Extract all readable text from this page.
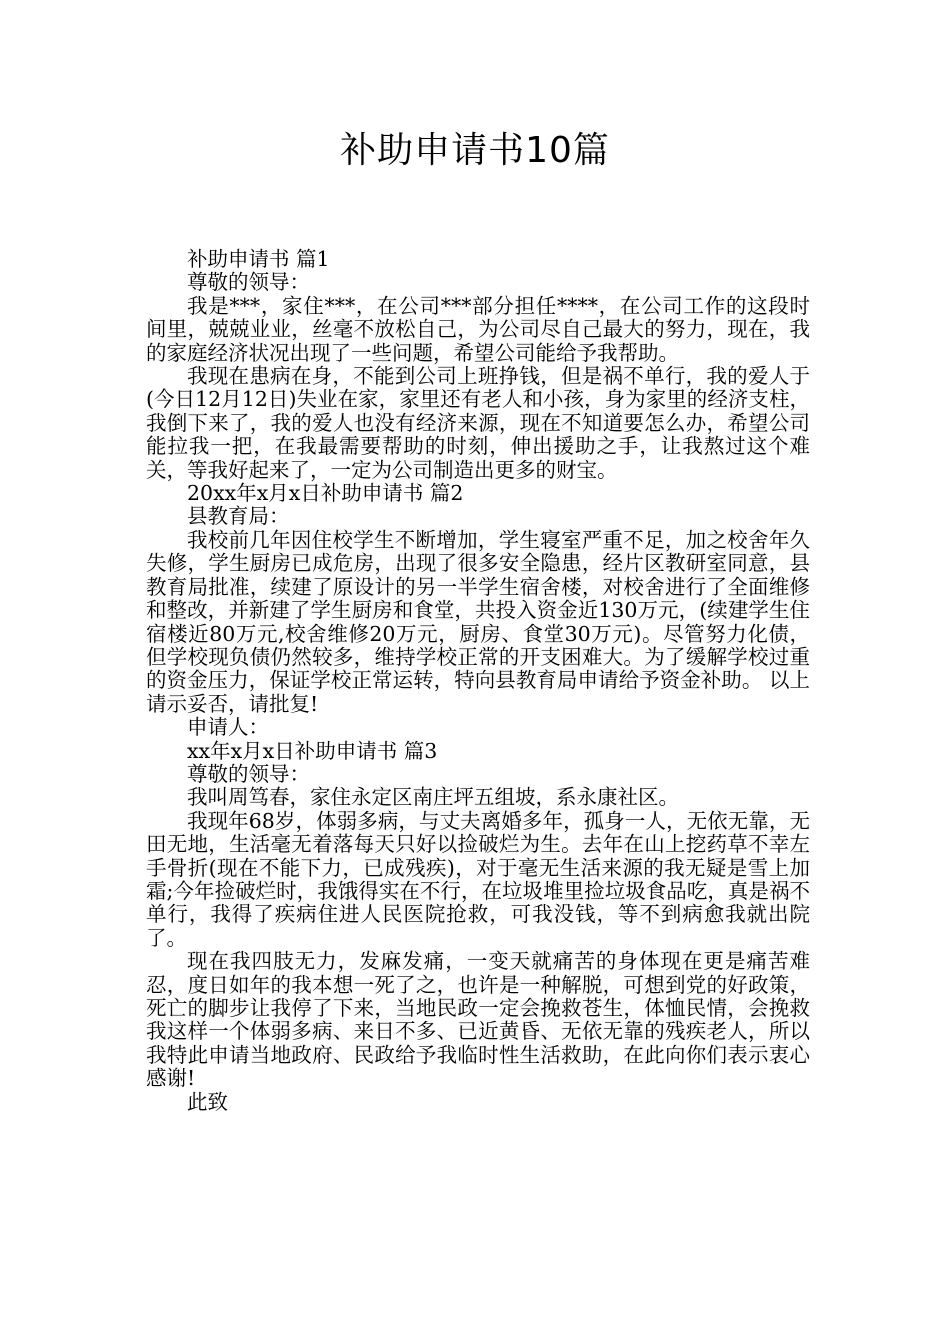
补助申请书10篇

补助申请书 篇1

尊敬的领导：

我是***，家住***，在公司***部分担任****，在公司工作的这段时间里，兢兢业业，丝毫不放松自己，为公司尽自己最大的努力，现在，我的家庭经济状况出现了一些问题，希望公司能给予我帮助。

我现在患病在身，不能到公司上班挣钱，但是祸不单行，我的爱人于(今日12月12日)失业在家，家里还有老人和小孩，身为家里的经济支柱，我倒下来了，我的爱人也没有经济来源，现在不知道要怎么办，希望公司能拉我一把，在我最需要帮助的时刻，伸出援助之手，让我熬过这个难关，等我好起来了，一定为公司制造出更多的财宝。

20xx年x月x日补助申请书 篇2

县教育局：

我校前几年因住校学生不断增加，学生寝室严重不足，加之校舍年久失修，学生厨房已成危房，出现了很多安全隐患，经片区教研室同意，县教育局批准，续建了原设计的另一半学生宿舍楼，对校舍进行了全面维修和整改，并新建了学生厨房和食堂，共投入资金近130万元，(续建学生住宿楼近80万元,校舍维修20万元，厨房、食堂30万元)。尽管努力化债，但学校现负债仍然较多，维持学校正常的开支困难大。为了缓解学校过重的资金压力，保证学校正常运转，特向县教育局申请给予资金补助。 以上请示妥否，请批复!

申请人：

xx年x月x日补助申请书 篇3

尊敬的领导：

我叫周笃春，家住永定区南庄坪五组坡，系永康社区。

我现年68岁，体弱多病，与丈夫离婚多年，孤身一人，无依无靠，无田无地，生活毫无着落每天只好以捡破烂为生。去年在山上挖药草不幸左手骨折(现在不能下力，已成残疾)，对于毫无生活来源的我无疑是雪上加霜;今年捡破烂时，我饿得实在不行，在垃圾堆里捡垃圾食品吃，真是祸不单行，我得了疾病住进人民医院抢救，可我没钱，等不到病愈我就出院了。

现在我四肢无力，发麻发痛，一变天就痛苦的身体现在更是痛苦难忍，度日如年的我本想一死了之，也许是一种解脱，可想到党的好政策，死亡的脚步让我停了下来，当地民政一定会挽救苍生，体恤民情，会挽救我这样一个体弱多病、来日不多、已近黄昏、无依无靠的残疾老人，所以我特此申请当地政府、民政给予我临时性生活救助，在此向你们表示衷心感谢!

此致
